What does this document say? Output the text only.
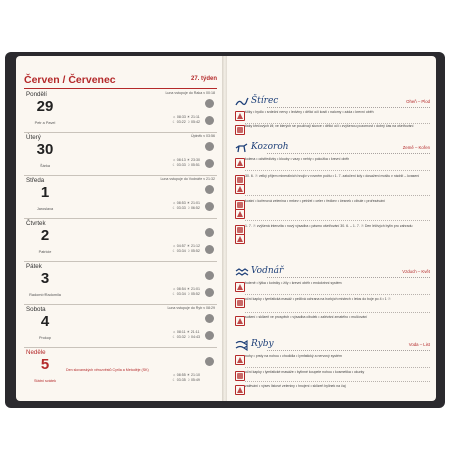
Červen / Červenec	27. týden
Pondělí
29
Petr a Pavel
Luna vstupuje do Raka v 00:18
☼ 08:33 ☀ 21:11
☾ 03:22 ☽ 05:42
Úterý
30
Šárka
Úplněk v 03:56
☼ 08:13 ☀ 23:30
☾ 03:33 ☽ 05:51
Středa
1
Jaroslava
Luna vstupuje do Vodnáře v 21:32
☼ 08:53 ☀ 21:01
☾ 03:33 ☽ 06:52
Čtvrtek
2
Patricie
☼ 04:57 ☀ 21:12
☾ 03:34 ☽ 05:52
Pátek
3
Radomír/Radomila
☼ 08:54 ☀ 21:01
☾ 03:34 ☽ 05:52
Sobota
4
Prokop
Luna vstupuje do Ryb v 08:29
☼ 08:11 ☀ 21:11
☾ 03:32 ☽ 04:43
Neděle
5
Státní svátek
Den slovanských věrozvěstů Cyrila a Metoděje (SK)
☼ 08:55 ☀ 21:10
☾ 03:35 ☽ 05:49
Štírec	Oheň – Plod
štíky • bydlo • srdeční nervy • ledviny • dělicí oči kosti • nalomy • záda • krevní oběh
tlaky křečových žil; ve kterých se používají slunce • dělicí oči • zvýšenou pozornost • dobrý čas na ošetřování
Kozoroh	Země – Kořen
kolena • odstředivky • klouby • vazy • nehty • pokožka • krevní oběh
30. 6. ☉ velký příjem minerálních hnojiv v rovném počtu • 1. 7. zatočení kdy • dosažení moštu v nádrži – kvasení
kostní • kořenová zelenina • mrkev • petržel • celer • ředkev • česnek • cibule • prořezávání
1. 7. ☉ zvýšená intenzita • nový výsadba • pásmo ošetřování 30. 6. – 1. 7. ☉ Den léčivých bylin pro zahradu
Vodnář	Vzduch – Květ
holeně • lýtka • kotníky • žíly • krevní oběh • endokrinní systém
oční kapky • lymfatická masáž • pečlivá ochrana na horkých místech • letos do boje po 4 • 1 ☉
sušení • sklizeň ve prospěch • výsadba cibulek • zalévání zrnatého • mulčování
Ryby	Voda – List
nohy • prsty na nohou • chodidla • lymfatický a nervový systém
oční kapky • lymfatické masáže • bylinné koupele nohou • kosmetika • okurky
zalévání • výsev listové zeleniny • hnojení • sklizeň bylinek na čaj
